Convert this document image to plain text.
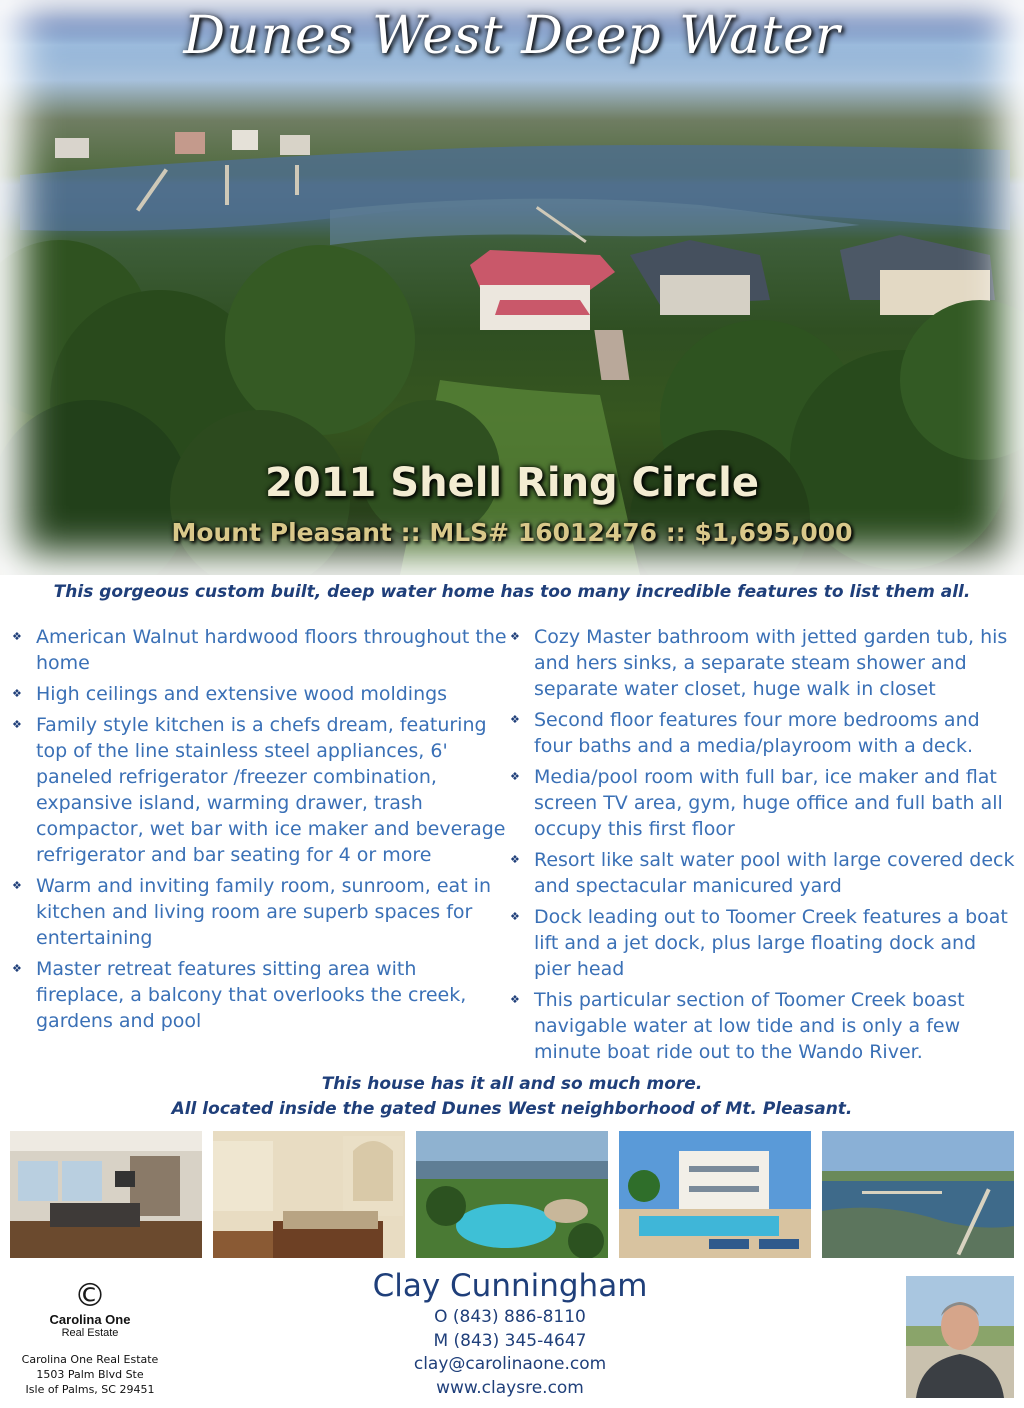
Dunes West Deep Water
2011 Shell Ring Circle
Mount Pleasant :: MLS# 16012476 :: $1,695,000
This gorgeous custom built, deep water home has too many incredible features to list them all.
❖ American Walnut hardwood floors throughout the home
❖ High ceilings and extensive wood moldings
❖ Family style kitchen is a chefs dream, featuring top of the line stainless steel appliances, 6' paneled refrigerator /freezer combination, expansive island, warming drawer, trash compactor, wet bar with ice maker and beverage refrigerator and bar seating for 4 or more
❖ Warm and inviting family room, sunroom, eat in kitchen and living room are superb spaces for entertaining
❖ Master retreat features sitting area with fireplace, a balcony that overlooks the creek, gardens and pool
❖ Cozy Master bathroom with jetted garden tub, his and hers sinks, a separate steam shower and separate water closet, huge walk in closet
❖ Second floor features four more bedrooms and four baths and a media/playroom with a deck.
❖ Media/pool room with full bar, ice maker and flat screen TV area, gym, huge office and full bath all occupy this first floor
❖ Resort like salt water pool with large covered deck and spectacular manicured yard
❖ Dock leading out to Toomer Creek features a boat lift and a jet dock, plus large floating dock and pier head
❖ This particular section of Toomer Creek boast navigable water at low tide and is only a few minute boat ride out to the Wando River.
This house has it all and so much more.
All located inside the gated Dunes West neighborhood of Mt. Pleasant.
©
Carolina One
Real Estate
Carolina One Real Estate
1503 Palm Blvd Ste
Isle of Palms, SC 29451
Clay Cunningham
O (843) 886-8110
M (843) 345-4647
clay@carolinaone.com
www.claysre.com
